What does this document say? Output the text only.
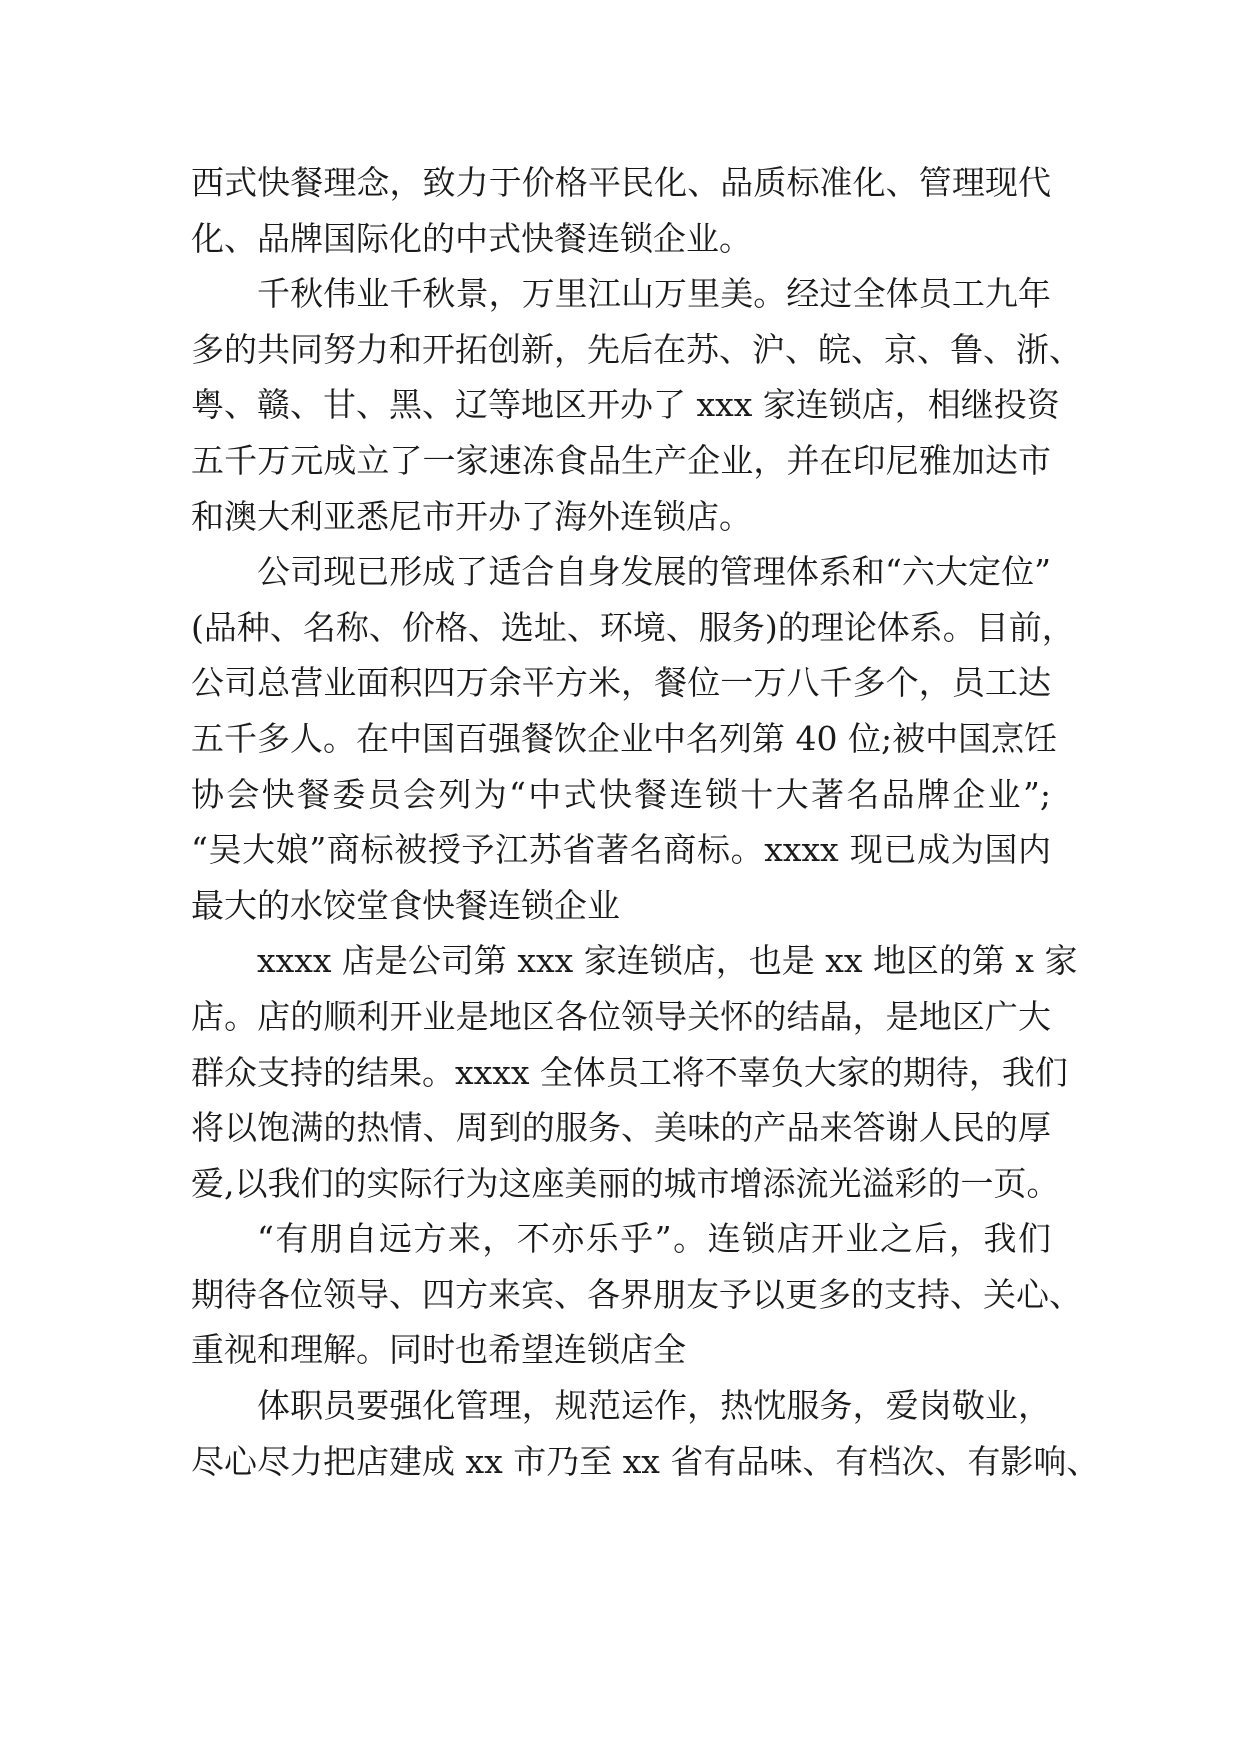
西式快餐理念，致力于价格平民化、品质标准化、管理现代
化、品牌国际化的中式快餐连锁企业。
千秋伟业千秋景，万里江山万里美。经过全体员工九年
多的共同努力和开拓创新，先后在苏、沪、皖、京、鲁、浙、
粤、赣、甘、黑、辽等地区开办了 xxx 家连锁店，相继投资
五千万元成立了一家速冻食品生产企业，并在印尼雅加达市
和澳大利亚悉尼市开办了海外连锁店。
公司现已形成了适合自身发展的管理体系和“六大定位”
(品种、名称、价格、选址、环境、服务)的理论体系。目前，
公司总营业面积四万余平方米，餐位一万八千多个，员工达
五千多人。在中国百强餐饮企业中名列第 40 位;被中国烹饪
协会快餐委员会列为“中式快餐连锁十大著名品牌企业”;
“吴大娘”商标被授予江苏省著名商标。xxxx 现已成为国内
最大的水饺堂食快餐连锁企业
xxxx 店是公司第 xxx 家连锁店，也是 xx 地区的第 x 家
店。店的顺利开业是地区各位领导关怀的结晶，是地区广大
群众支持的结果。xxxx 全体员工将不辜负大家的期待，我们
将以饱满的热情、周到的服务、美味的产品来答谢人民的厚
爱,以我们的实际行为这座美丽的城市增添流光溢彩的一页。
“有朋自远方来，不亦乐乎”。连锁店开业之后，我们
期待各位领导、四方来宾、各界朋友予以更多的支持、关心、
重视和理解。同时也希望连锁店全
体职员要强化管理，规范运作，热忱服务，爱岗敬业，
尽心尽力把店建成 xx 市乃至 xx 省有品味、有档次、有影响、
